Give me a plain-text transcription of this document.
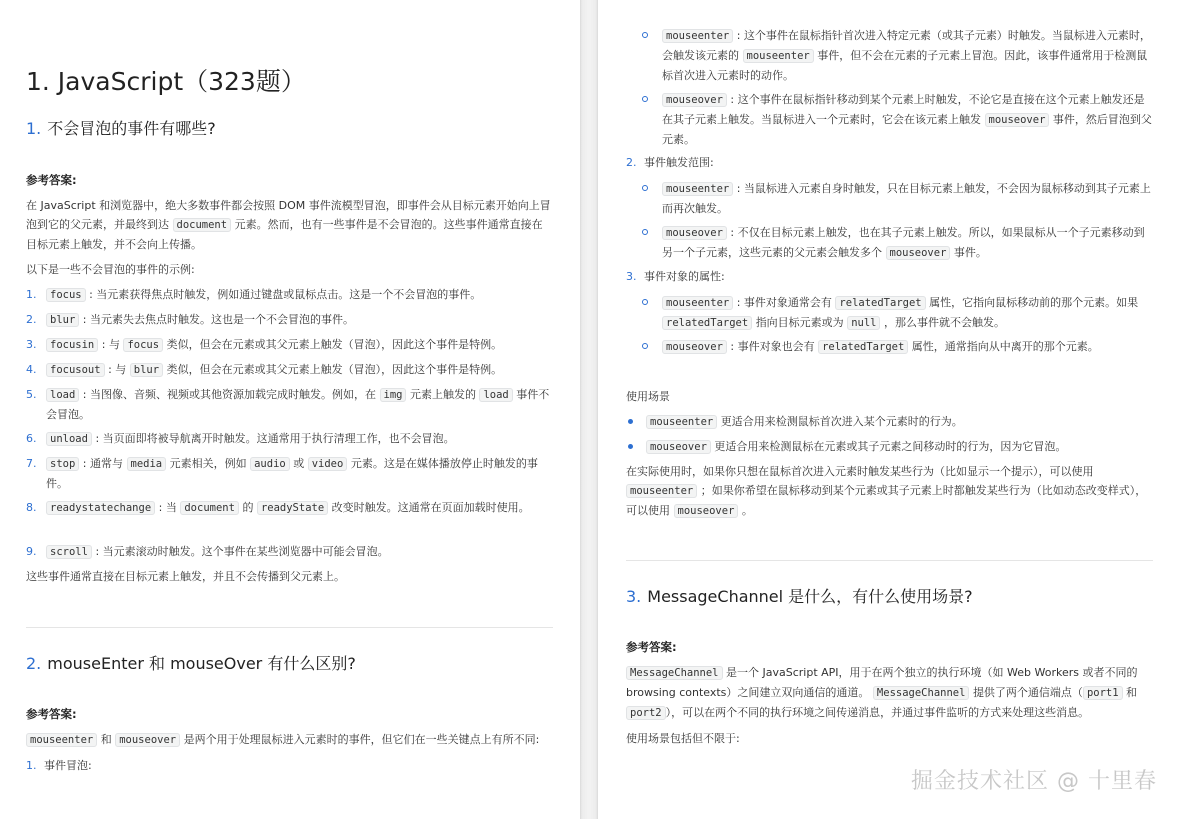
1. JavaScript（323题）
1. 不会冒泡的事件有哪些?
参考答案:

在 JavaScript 和浏览器中，绝大多数事件都会按照 DOM 事件流模型冒泡，即事件会从目标元素开始向上冒泡到它的父元素，并最终到达 document 元素。然而，也有一些事件是不会冒泡的。这些事件通常直接在目标元素上触发，并不会向上传播。

以下是一些不会冒泡的事件的示例:

1. focus : 当元素获得焦点时触发，例如通过键盘或鼠标点击。这是一个不会冒泡的事件。
2. blur : 当元素失去焦点时触发。这也是一个不会冒泡的事件。
3. focusin : 与 focus 类似，但会在元素或其父元素上触发（冒泡），因此这个事件是特例。
4. focusout : 与 blur 类似，但会在元素或其父元素上触发（冒泡），因此这个事件是特例。
5. load : 当图像、音频、视频或其他资源加载完成时触发。例如，在 img 元素上触发的 load 事件不会冒泡。
6. unload : 当页面即将被导航离开时触发。这通常用于执行清理工作，也不会冒泡。
7. stop : 通常与 media 元素相关，例如 audio 或 video 元素。这是在媒体播放停止时触发的事件。
8. readystatechange : 当 document 的 readyState 改变时触发。这通常在页面加载时使用。
9. scroll : 当元素滚动时触发。这个事件在某些浏览器中可能会冒泡。

这些事件通常直接在目标元素上触发，并且不会传播到父元素上。

2. mouseEnter 和 mouseOver 有什么区别?
参考答案:

mouseenter 和 mouseover 是两个用于处理鼠标进入元素时的事件，但它们在一些关键点上有所不同:

1. 事件冒泡:
mouseenter : 这个事件在鼠标指针首次进入特定元素（或其子元素）时触发。当鼠标进入元素时，会触发该元素的 mouseenter 事件，但不会在元素的子元素上冒泡。因此，该事件通常用于检测鼠标首次进入元素时的动作。
mouseover : 这个事件在鼠标指针移动到某个元素上时触发，不论它是直接在这个元素上触发还是在其子元素上触发。当鼠标进入一个元素时，它会在该元素上触发 mouseover 事件，然后冒泡到父元素。
2. 事件触发范围:
mouseenter : 当鼠标进入元素自身时触发，只在目标元素上触发，不会因为鼠标移动到其子元素上而再次触发。
mouseover : 不仅在目标元素上触发，也在其子元素上触发。所以，如果鼠标从一个子元素移动到另一个子元素，这些元素的父元素会触发多个 mouseover 事件。
3. 事件对象的属性:
mouseenter : 事件对象通常会有 relatedTarget 属性，它指向鼠标移动前的那个元素。如果 relatedTarget 指向目标元素或为 null ，那么事件就不会触发。
mouseover : 事件对象也会有 relatedTarget 属性，通常指向从中离开的那个元素。

使用场景

mouseenter 更适合用来检测鼠标首次进入某个元素时的行为。
mouseover 更适合用来检测鼠标在元素或其子元素之间移动时的行为，因为它冒泡。

在实际使用时，如果你只想在鼠标首次进入元素时触发某些行为（比如显示一个提示），可以使用 mouseenter ；如果你希望在鼠标移动到某个元素或其子元素上时都触发某些行为（比如动态改变样式），可以使用 mouseover 。

3. MessageChannel 是什么，有什么使用场景?
参考答案:

MessageChannel 是一个 JavaScript API，用于在两个独立的执行环境（如 Web Workers 或者不同的 browsing contexts）之间建立双向通信的通道。 MessageChannel 提供了两个通信端点（ port1 和 port2 ），可以在两个不同的执行环境之间传递消息，并通过事件监听的方式来处理这些消息。

使用场景包括但不限于:

掘金技术社区 @ 十里春
